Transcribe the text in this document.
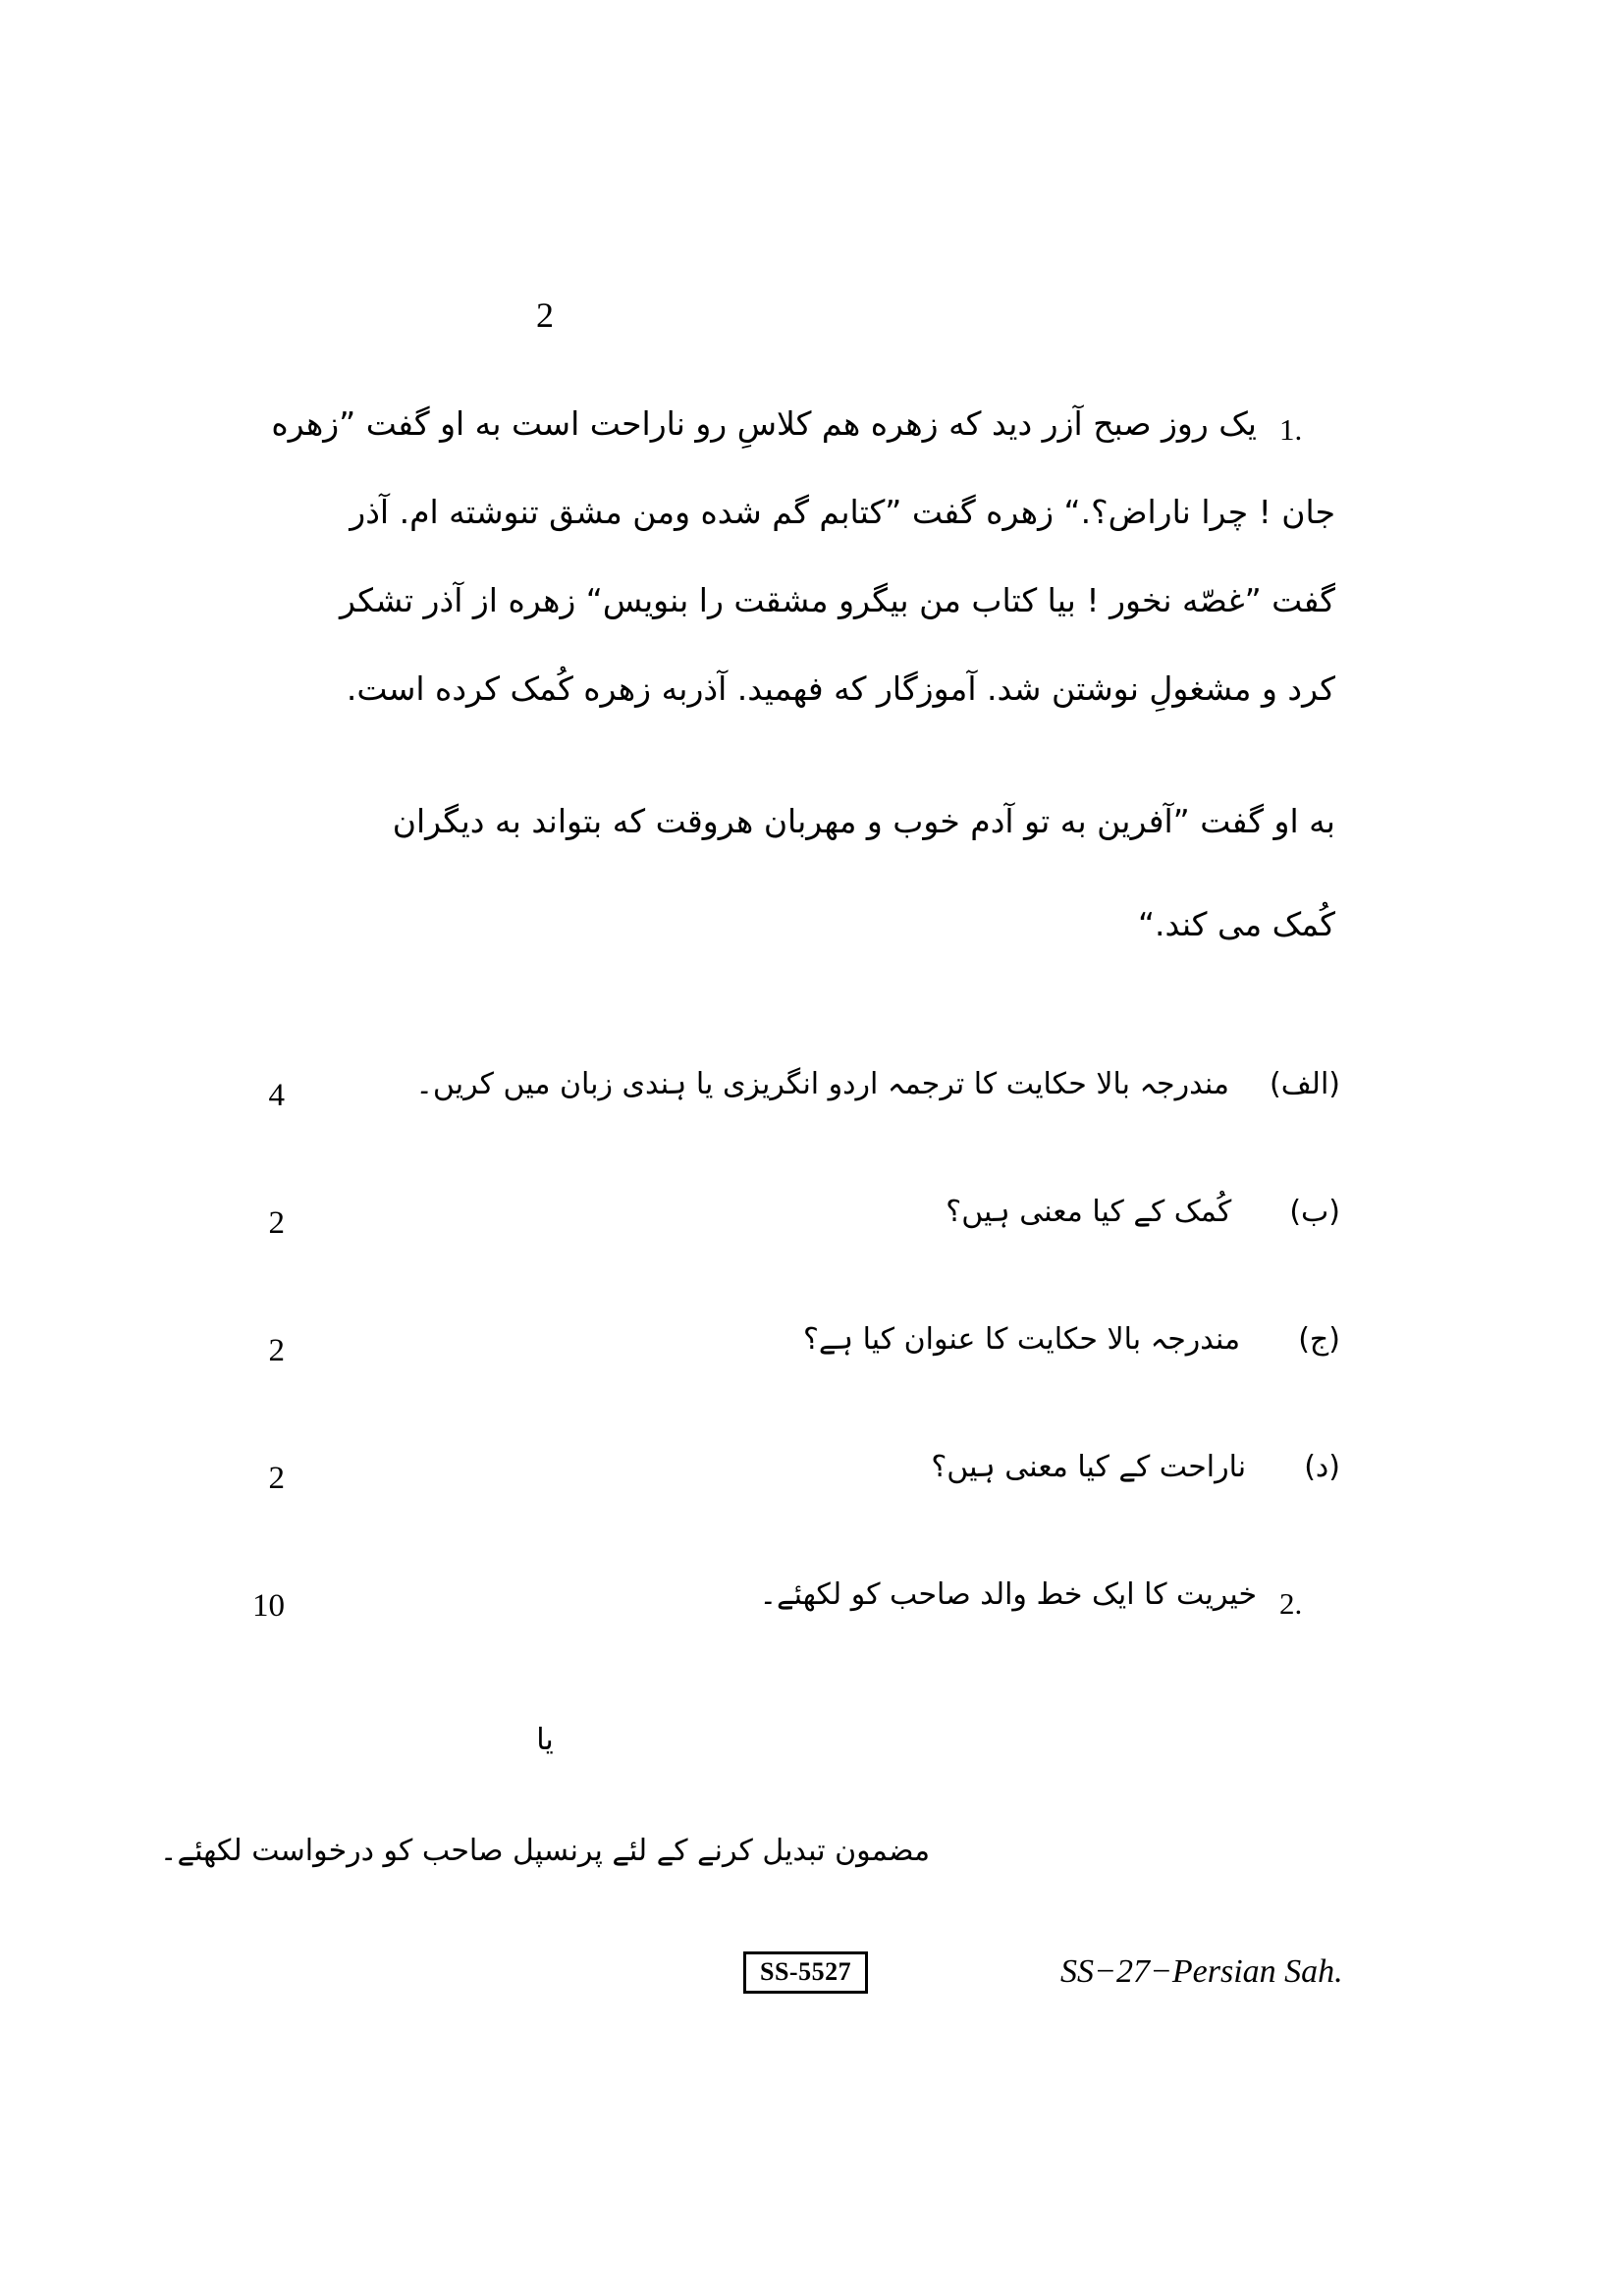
2
1.
یک روز صبح آزر دید که زهره هم کلاسِ رو ناراحت است به او گفت ”زهره
جان ! چرا ناراض؟.“ زهره گفت ”کتابم گم شده ومن مشق تنوشته ام. آذر
گفت ”غصّه نخور ! بیا کتاب من بیگرو مشقت را بنویس“ زهره از آذر تشکر
کرد و مشغولِ نوشتن شد. آموزگار که فهمید. آذربه زهره کُمک کرده است.
به او گفت ”آفرین به تو آدم خوب و مهربان هروقت که بتواند به دیگران
کُمک می کند.“
4	(الف)  مندرجہ بالا حکایت کا ترجمہ اردو انگریزی یا ہندی زبان میں کریں۔
2	(ب)  کُمک کے کیا معنی ہیں؟
2	(ج)  مندرجہ بالا حکایت کا عنوان کیا ہے؟
2	(د)  ناراحت کے کیا معنی ہیں؟
10	2.
خیریت کا ایک خط والد صاحب کو لکھئے۔
یا
مضمون تبدیل کرنے کے لئے پرنسپل صاحب کو درخواست لکھئے۔
SS-5527	SS−27−Persian Sah.
